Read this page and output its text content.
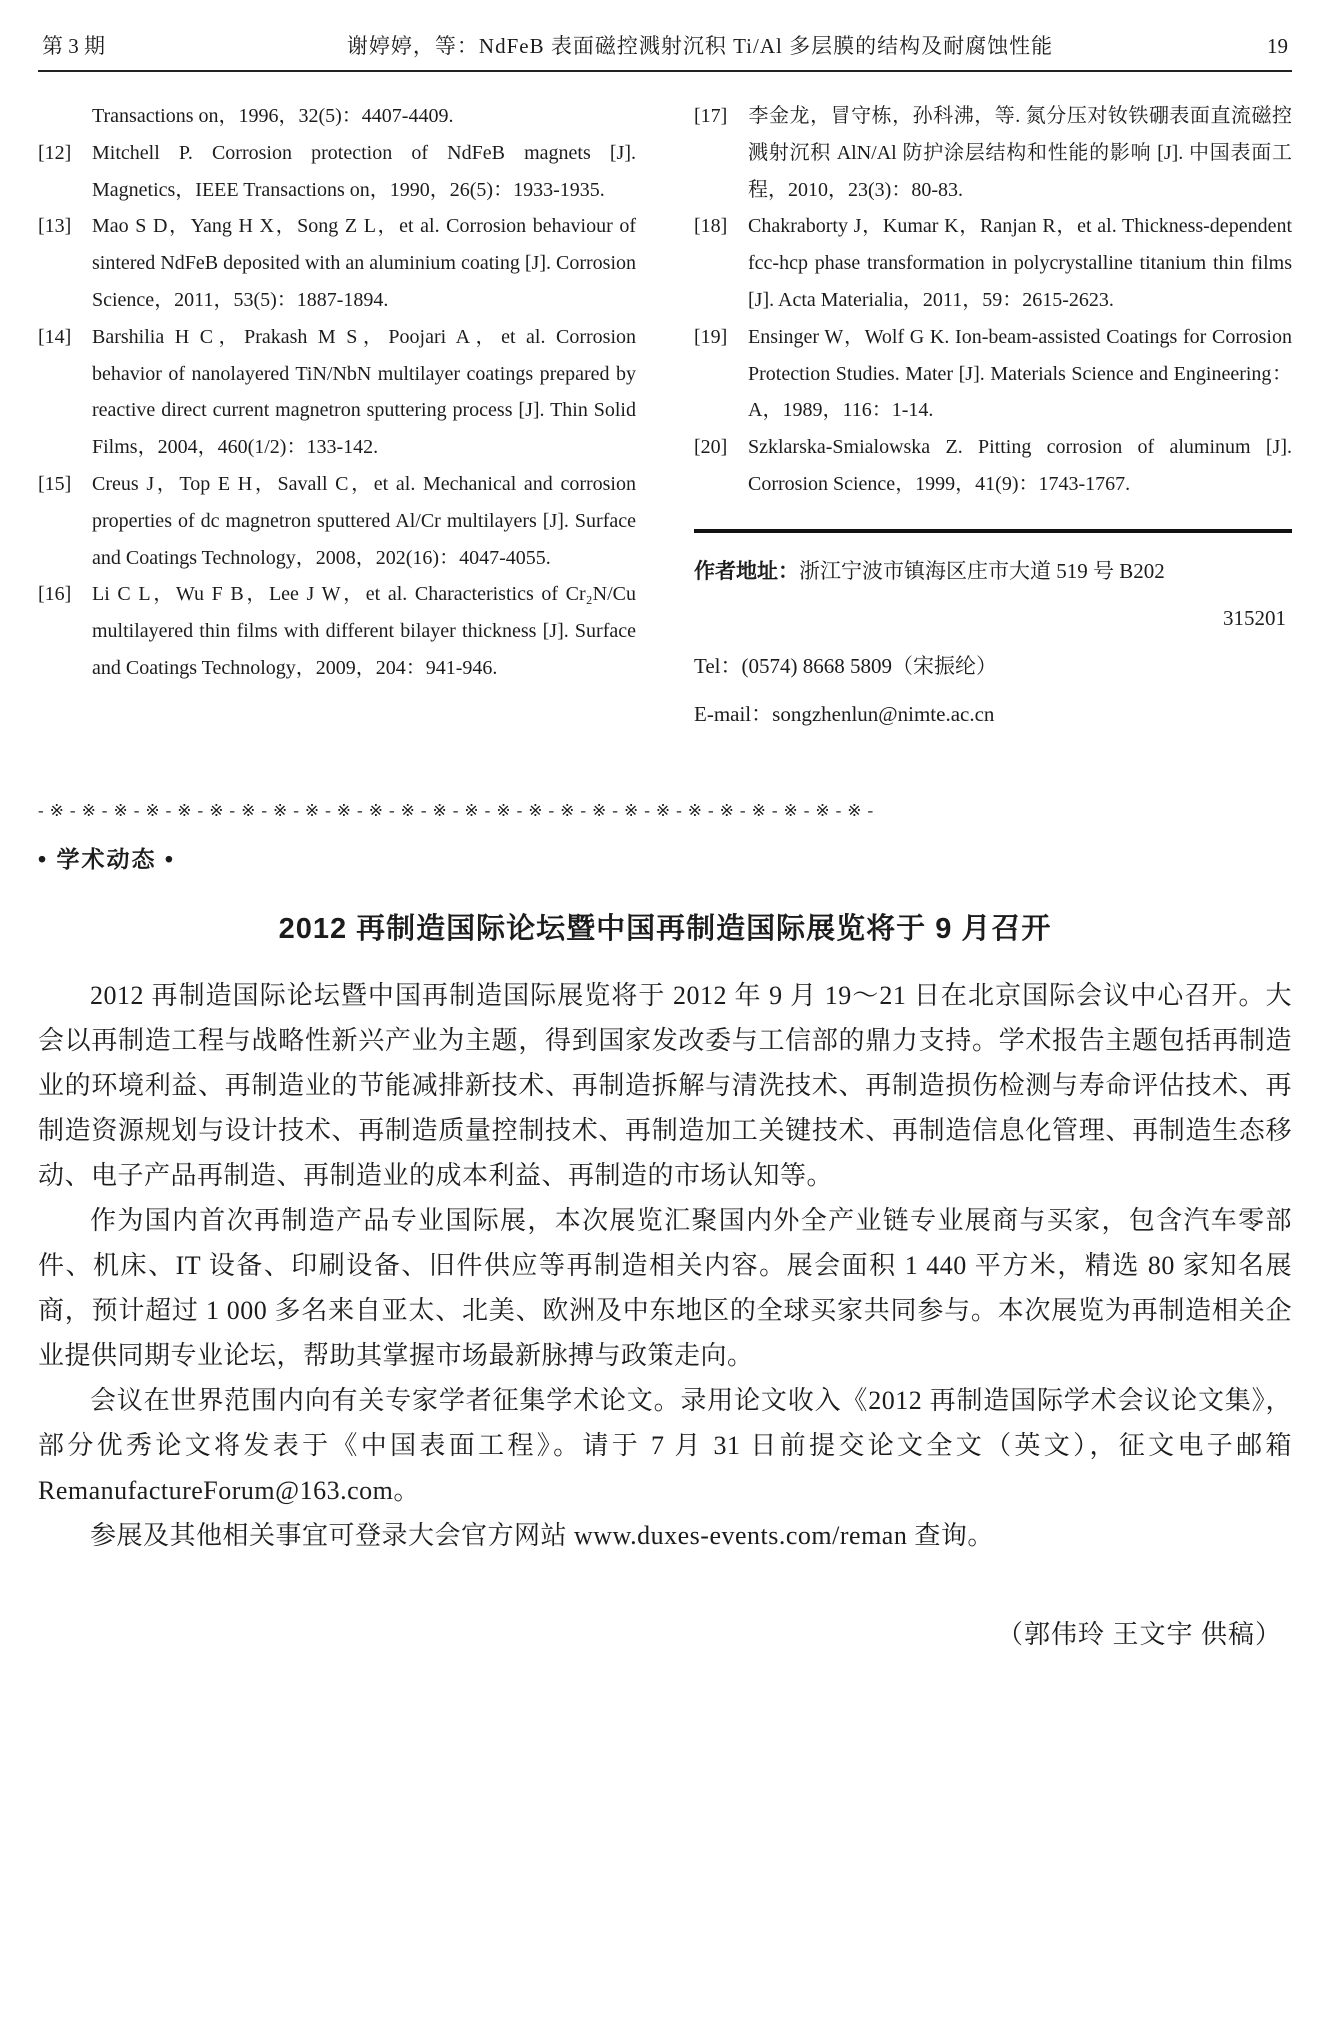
第 3 期	谢婷婷，等：NdFeB 表面磁控溅射沉积 Ti/Al 多层膜的结构及耐腐蚀性能	19

Transactions on，1996，32(5)：4407-4409.

[12] Mitchell P. Corrosion protection of NdFeB magnets [J]. Magnetics，IEEE Transactions on，1990，26(5)：1933-1935.

[13] Mao S D，Yang H X，Song Z L，et al. Corrosion behaviour of sintered NdFeB deposited with an aluminium coating [J]. Corrosion Science，2011，53(5)：1887-1894.

[14] Barshilia H C，Prakash M S，Poojari A，et al. Corrosion behavior of nanolayered TiN/NbN multilayer coatings prepared by reactive direct current magnetron sputtering process [J]. Thin Solid Films，2004，460(1/2)：133-142.

[15] Creus J，Top E H，Savall C，et al. Mechanical and corrosion properties of dc magnetron sputtered Al/Cr multilayers [J]. Surface and Coatings Technology，2008，202(16)：4047-4055.

[16] Li C L，Wu F B，Lee J W，et al. Characteristics of Cr₂N/Cu multilayered thin films with different bilayer thickness [J]. Surface and Coatings Technology，2009，204：941-946.

[17] 李金龙，冒守栋，孙科沸，等. 氮分压对钕铁硼表面直流磁控溅射沉积 AlN/Al 防护涂层结构和性能的影响 [J]. 中国表面工程，2010，23(3)：80-83.

[18] Chakraborty J，Kumar K，Ranjan R，et al. Thickness-dependent fcc-hcp phase transformation in polycrystalline titanium thin films [J]. Acta Materialia，2011，59：2615-2623.

[19] Ensinger W，Wolf G K. Ion-beam-assisted Coatings for Corrosion Protection Studies. Mater [J]. Materials Science and Engineering：A，1989，116：1-14.

[20] Szklarska-Smialowska Z. Pitting corrosion of aluminum [J]. Corrosion Science，1999，41(9)：1743-1767.

作者地址：浙江宁波市镇海区庄市大道 519 号 B202

315201

Tel：(0574) 8668 5809（宋振纶）

E-mail：songzhenlun@nimte.ac.cn

-※-※-※-※-※-※-※-※-※-※-※-※-※-※-※-※-※-※-※-※-※-※-※-※-※-※-
• 学术动态 •
2012 再制造国际论坛暨中国再制造国际展览将于 9 月召开

2012 再制造国际论坛暨中国再制造国际展览将于 2012 年 9 月 19～21 日在北京国际会议中心召开。大会以再制造工程与战略性新兴产业为主题，得到国家发改委与工信部的鼎力支持。学术报告主题包括再制造业的环境利益、再制造业的节能减排新技术、再制造拆解与清洗技术、再制造损伤检测与寿命评估技术、再制造资源规划与设计技术、再制造质量控制技术、再制造加工关键技术、再制造信息化管理、再制造生态移动、电子产品再制造、再制造业的成本利益、再制造的市场认知等。

作为国内首次再制造产品专业国际展，本次展览汇聚国内外全产业链专业展商与买家，包含汽车零部件、机床、IT 设备、印刷设备、旧件供应等再制造相关内容。展会面积 1 440 平方米，精选 80 家知名展商，预计超过 1 000 多名来自亚太、北美、欧洲及中东地区的全球买家共同参与。本次展览为再制造相关企业提供同期专业论坛，帮助其掌握市场最新脉搏与政策走向。

会议在世界范围内向有关专家学者征集学术论文。录用论文收入《2012 再制造国际学术会议论文集》，部分优秀论文将发表于《中国表面工程》。请于 7 月 31 日前提交论文全文（英文），征文电子邮箱 RemanufactureForum@163.com。

参展及其他相关事宜可登录大会官方网站 www.duxes-events.com/reman 查询。

（郭伟玲 王文宇 供稿）
